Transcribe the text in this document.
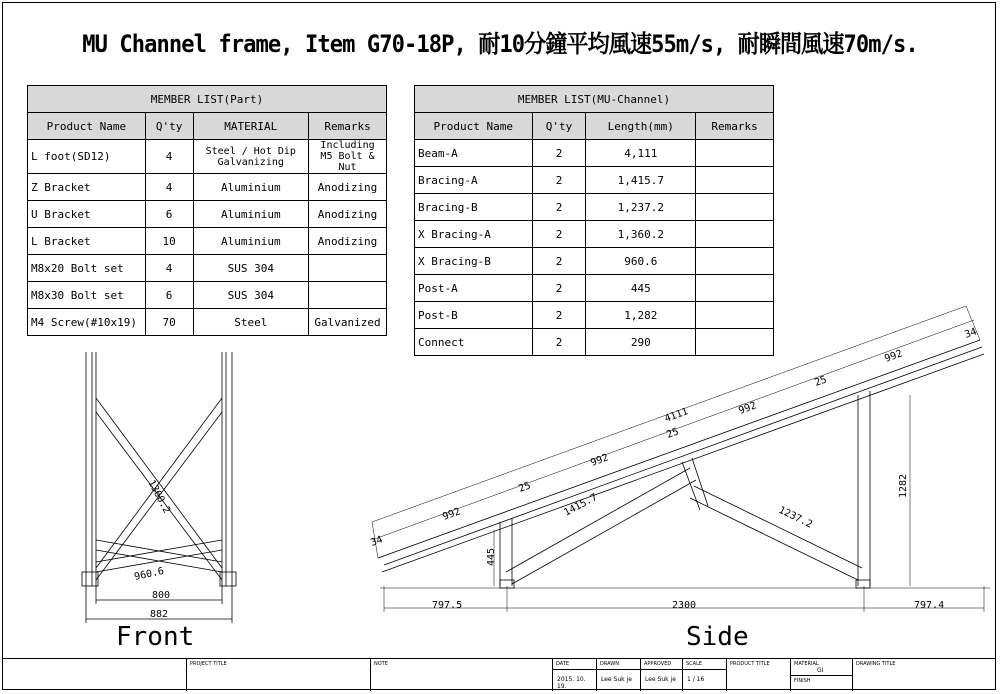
MU Channel frame, Item G70-18P, 耐10分鐘平均風速55m/s, 耐瞬間風速70m/s.
MEMBER LIST(Part)			
Product Name	Q'ty	MATERIAL	Remarks
L foot(SD12)	4	Steel / Hot Dip Galvanizing	Including M5 Bolt & Nut
Z Bracket	4	Aluminium	Anodizing
U Bracket	6	Aluminium	Anodizing
L Bracket	10	Aluminium	Anodizing
M8x20 Bolt set	4	SUS 304	
M8x30 Bolt set	6	SUS 304	
M4 Screw(#10x19)	70	Steel	Galvanized
MEMBER LIST(MU-Channel)			
Product Name	Q'ty	Length(mm)	Remarks
Beam-A	2	4,111	
Bracing-A	2	1,415.7	
Bracing-B	2	1,237.2	
X Bracing-A	2	1,360.2	
X Bracing-B	2	960.6	
Post-A	2	445	
Post-B	2	1,282	
Connect	2	290	
1360.2
960.6
800
882
4111
992
992
992
992
34
34
25
25
25
1415.7	1237.2
445
1282
797.5	2300	797.4
Front	Side
PROJECT TITLE	NOTE	DATE
2015. 10. 19.
DRAWN
Lee Suk je
APPROVED
Lee Suk je
SCALE
1 / 16
PRODUCT TITLE	MATERIAL
GI
FINISH
DRAWING TITLE
